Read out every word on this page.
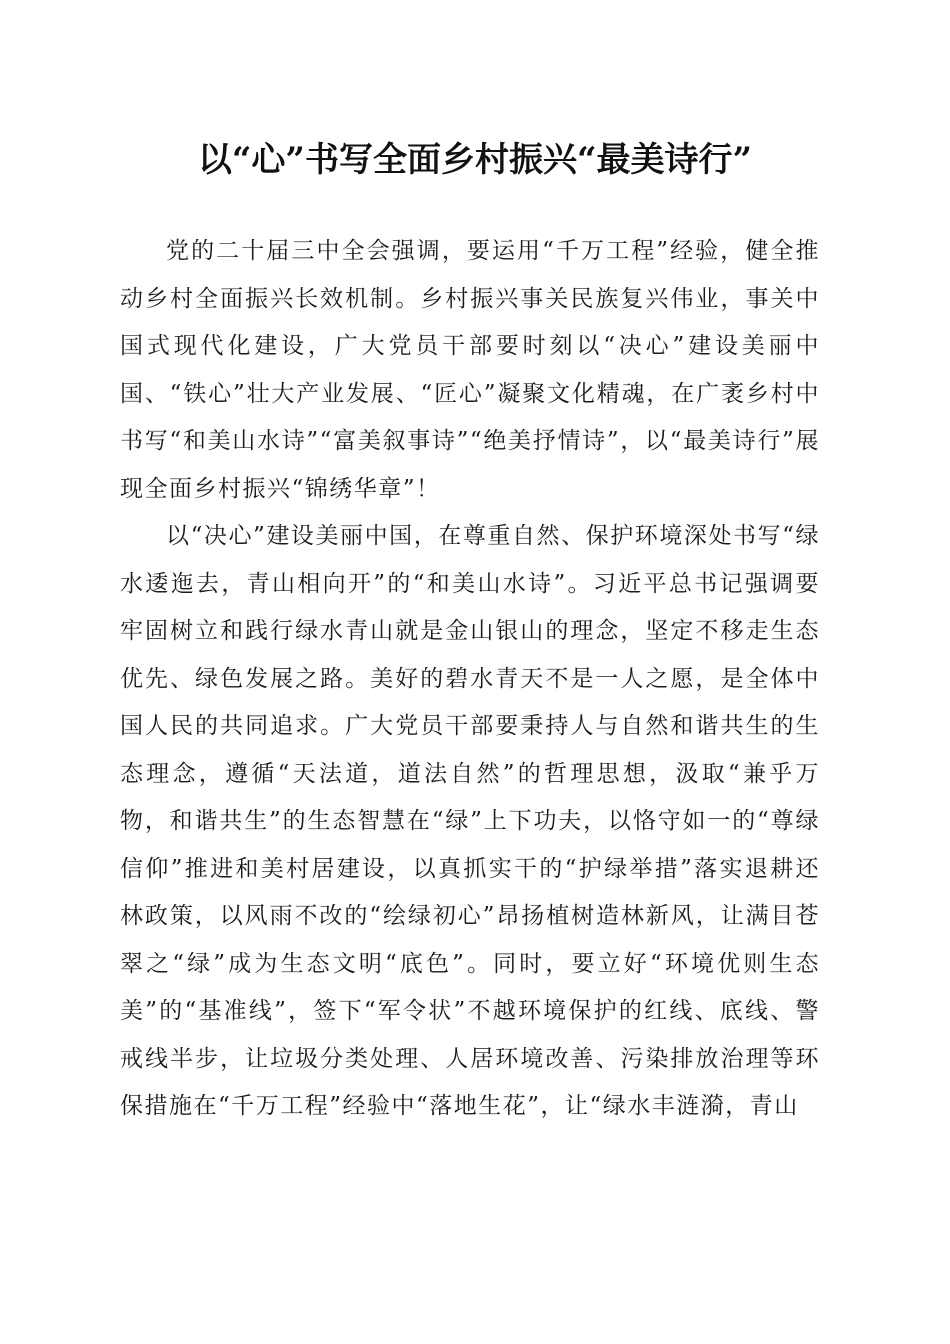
以“心”书写全面乡村振兴“最美诗行”

党的二十届三中全会强调，要运用“千万工程”经验，健全推动乡村全面振兴长效机制。乡村振兴事关民族复兴伟业，事关中国式现代化建设，广大党员干部要时刻以“决心”建设美丽中国、“铁心”壮大产业发展、“匠心”凝聚文化精魂，在广袤乡村中书写“和美山水诗”“富美叙事诗”“绝美抒情诗”，以“最美诗行”展现全面乡村振兴“锦绣华章”！

以“决心”建设美丽中国，在尊重自然、保护环境深处书写“绿水逶迤去，青山相向开”的“和美山水诗”。习近平总书记强调要牢固树立和践行绿水青山就是金山银山的理念，坚定不移走生态优先、绿色发展之路。美好的碧水青天不是一人之愿，是全体中国人民的共同追求。广大党员干部要秉持人与自然和谐共生的生态理念，遵循“天法道，道法自然”的哲理思想，汲取“兼乎万物，和谐共生”的生态智慧在“绿”上下功夫，以恪守如一的“尊绿信仰”推进和美村居建设，以真抓实干的“护绿举措”落实退耕还林政策，以风雨不改的“绘绿初心”昂扬植树造林新风，让满目苍翠之“绿”成为生态文明“底色”。同时，要立好“环境优则生态美”的“基准线”，签下“军令状”不越环境保护的红线、底线、警戒线半步，让垃圾分类处理、人居环境改善、污染排放治理等环保措施在“千万工程”经验中“落地生花”，让“绿水丰涟漪，青山
